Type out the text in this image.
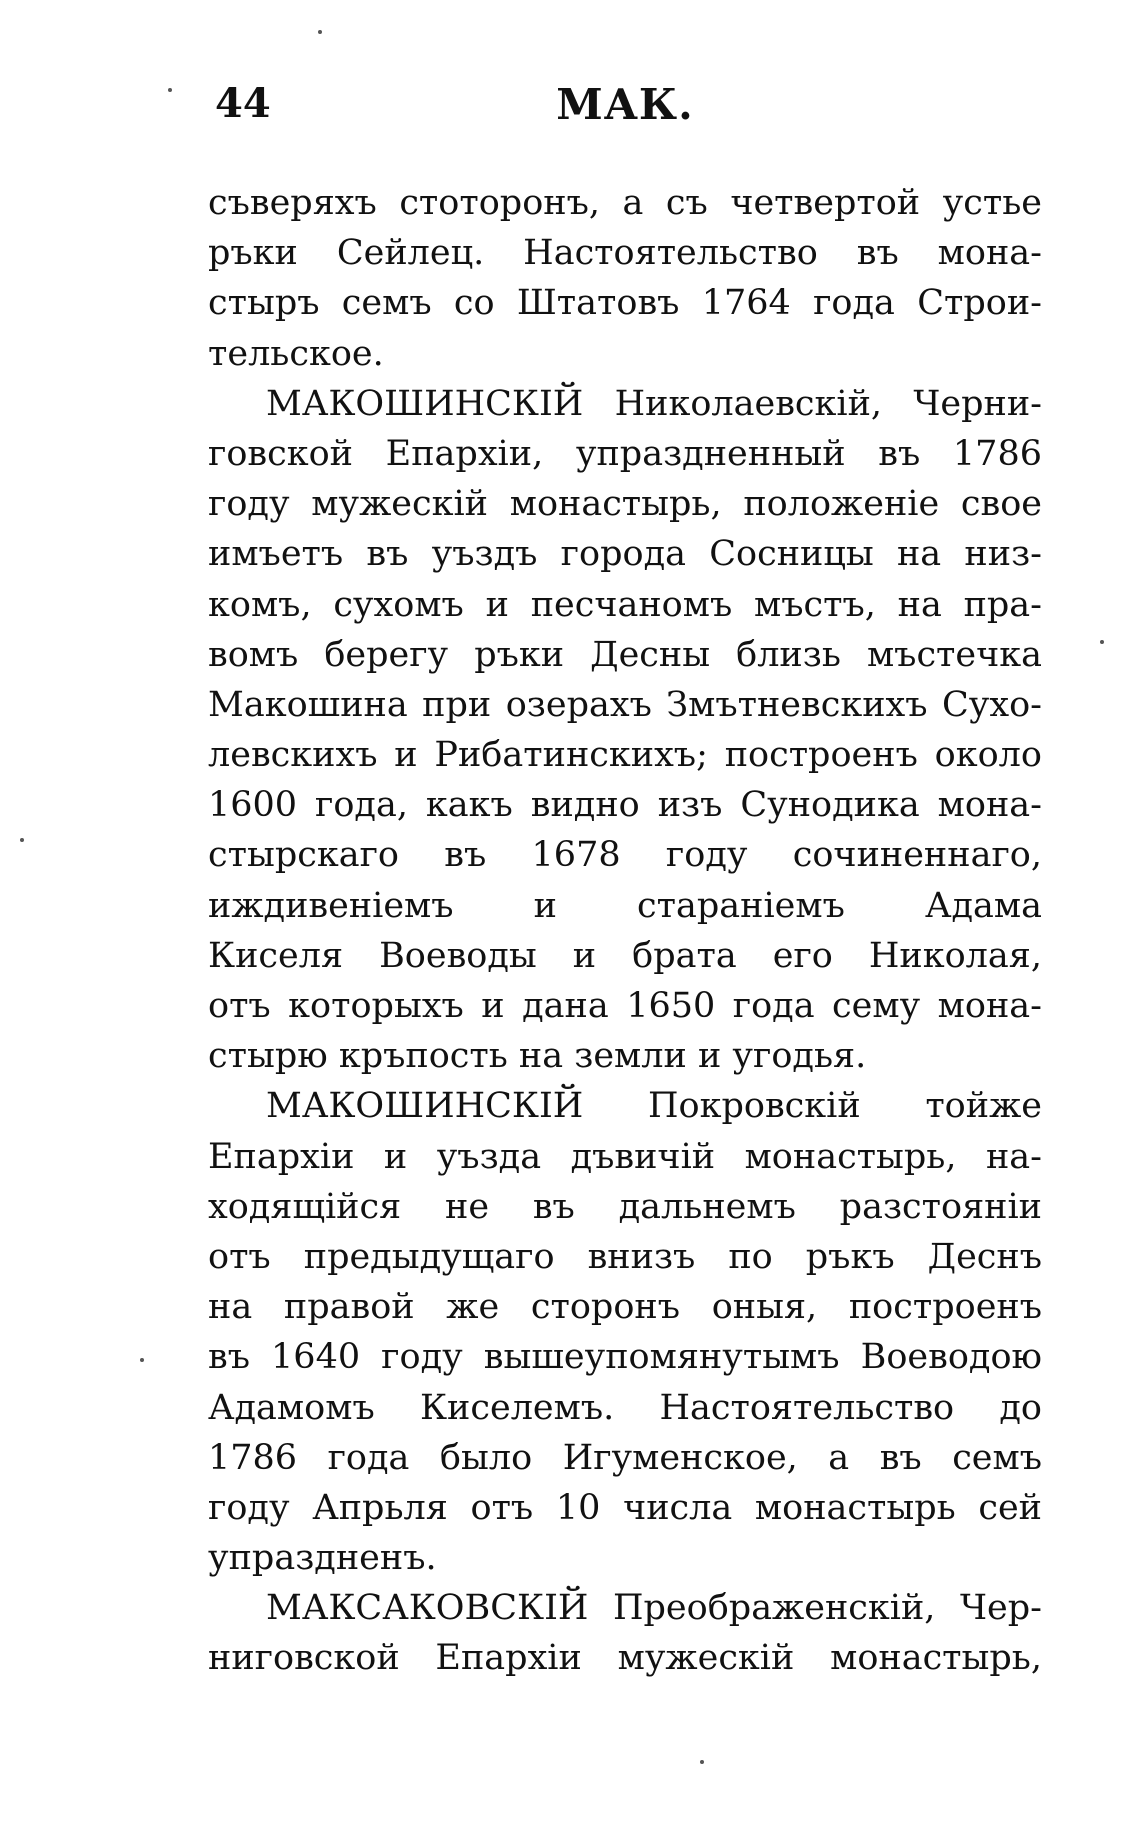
44	МАК.
съверяхъ стоторонъ, а съ четвертой устье
ръки Сейлец. Настоятельство въ мона-
стыръ семъ со Штатовъ 1764 года Строи-
тельское.
МАКОШИНСКІЙ Николаевскій, Черни-
говской Епархіи, упраздненный въ 1786
году мужескій монастырь, положеніе свое
имъетъ въ уъздъ города Сосницы на низ-
комъ, сухомъ и песчаномъ мъстъ, на пра-
вомъ берегу ръки Десны близь мъстечка
Макошина при озерахъ Змътневскихъ Сухо-
левскихъ и Рибатинскихъ; построенъ около
1600 года, какъ видно изъ Сунодика мона-
стырскаго въ 1678 году сочиненнаго,
иждивеніемъ и стараніемъ Адама
Киселя Воеводы и брата его Николая,
отъ которыхъ и дана 1650 года сему мона-
стырю кръпость на земли и угодья.
МАКОШИНСКІЙ Покровскій тойже
Епархіи и уъзда дъвичій монастырь, на-
ходящійся не въ дальнемъ разстояніи
отъ предыдущаго внизъ по ръкъ Деснъ
на правой же сторонъ оныя, построенъ
въ 1640 году вышеупомянутымъ Воеводою
Адамомъ Киселемъ. Настоятельство до
1786 года было Игуменское, а въ семъ
году Апрьля отъ 10 числа монастырь сей
упраздненъ.
МАКСАКОВСКІЙ Преображенскій, Чер-
ниговской Епархіи мужескій монастырь,
